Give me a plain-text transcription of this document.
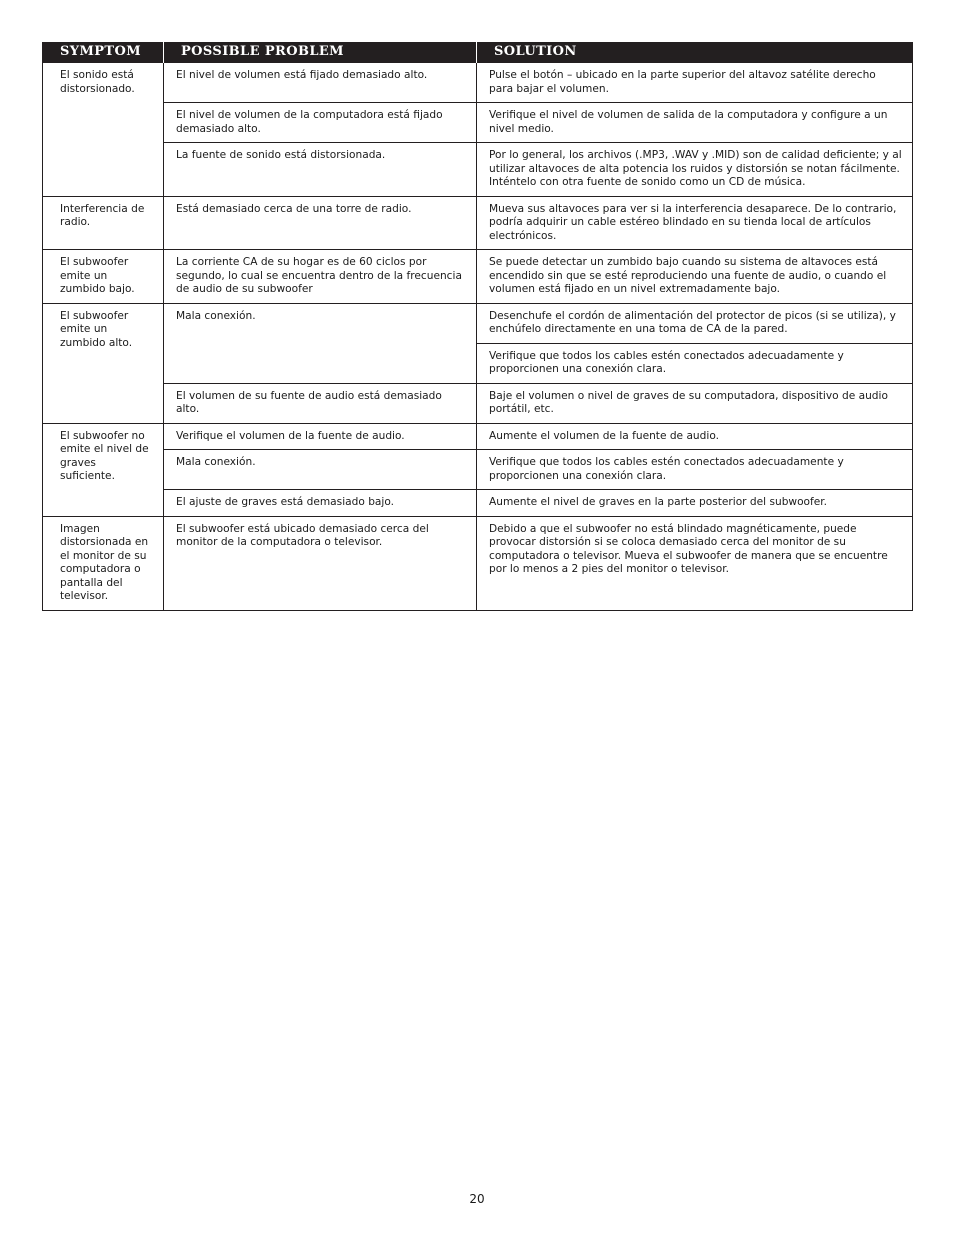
SYMPTOM	POSSIBLE PROBLEM	SOLUTION
El sonido está distorsionado.	El nivel de volumen está fijado demasiado alto.	Pulse el botón – ubicado en la parte superior del altavoz satélite derecho para bajar el volumen.
	El nivel de volumen de la computadora está fijado demasiado alto.	Verifique el nivel de volumen de salida de la computadora y configure a un nivel medio.
	La fuente de sonido está distorsionada.	Por lo general, los archivos (.MP3, .WAV y .MID) son de calidad deficiente; y al utilizar altavoces de alta potencia los ruidos y distorsión se notan fácilmente. Inténtelo con otra fuente de sonido como un CD de música.
Interferencia de radio.	Está demasiado cerca de una torre de radio.	Mueva sus altavoces para ver si la interferencia desaparece. De lo contrario, podría adquirir un cable estéreo blindado en su tienda local de artículos electrónicos.
El subwoofer emite un zumbido bajo.	La corriente CA de su hogar es de 60 ciclos por segundo, lo cual se encuentra dentro de la frecuencia de audio de su subwoofer	Se puede detectar un zumbido bajo cuando su sistema de altavoces está encendido sin que se esté reproduciendo una fuente de audio, o cuando el volumen está fijado en un nivel extremadamente bajo.
El subwoofer emite un zumbido alto.	Mala conexión.	Desenchufe el cordón de alimentación del protector de picos (si se utiliza), y enchúfelo directamente en una toma de CA de la pared.
		Verifique que todos los cables estén conectados adecuadamente y proporcionen una conexión clara.
	El volumen de su fuente de audio está demasiado alto.	Baje el volumen o nivel de graves de su computadora, dispositivo de audio portátil, etc.
El subwoofer no emite el nivel de graves suficiente.	Verifique el volumen de la fuente de audio.	Aumente el volumen de la fuente de audio.
	Mala conexión.	Verifique que todos los cables estén conectados adecuadamente y proporcionen una conexión clara.
	El ajuste de graves está demasiado bajo.	Aumente el nivel de graves en la parte posterior del subwoofer.
Imagen distorsionada en el monitor de su computadora o pantalla del televisor.	El subwoofer está ubicado demasiado cerca del monitor de la computadora o televisor.	Debido a que el subwoofer no está blindado magnéticamente, puede provocar distorsión si se coloca demasiado cerca del monitor de su computadora o televisor. Mueva el subwoofer de manera que se encuentre por lo menos a 2 pies del monitor o televisor.
20
